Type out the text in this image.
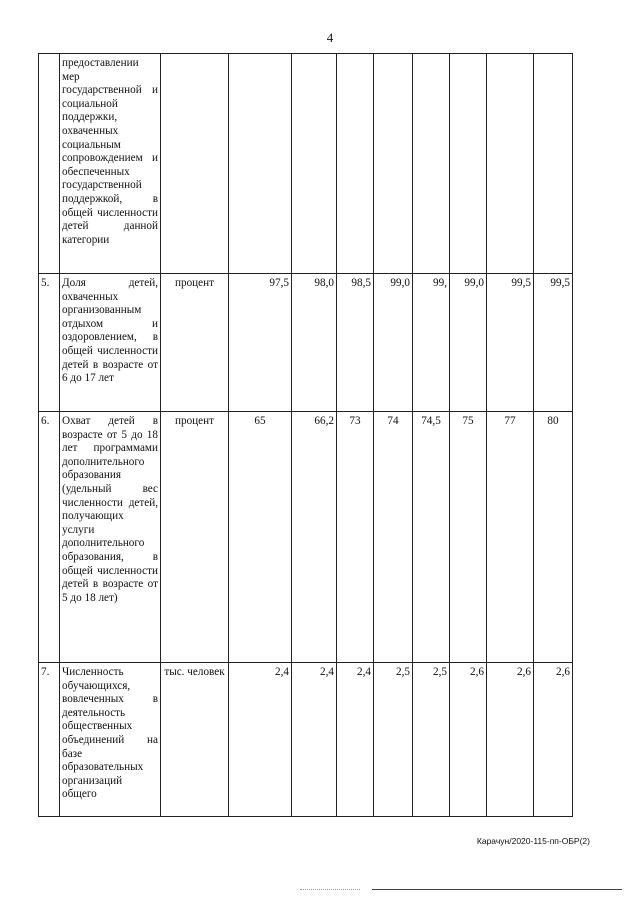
4
	предоставлении мер государственной и социальной поддержки, охваченных социальным сопровождением и обеспеченных государственной поддержкой, в общей численности детей данной категории									
5.	Доля детей, охваченных организованным отдыхом и оздоровлением, в общей численности детей в возрасте от 6 до 17 лет	процент	97,5	98,0	98,5	99,0	99,	99,0	99,5	99,5
6.	Охват детей в возрасте от 5 до 18 лет программами дополнительного образования (удельный вес численности детей, получающих услуги дополнительного образования, в общей численности детей в возрасте от 5 до 18 лет)	процент	65	66,2	73	74	74,5	75	77	80
7.	Численность обучающихся, вовлеченных в деятельность общественных объединений на базе образовательных организаций общего	тыс. человек	2,4	2,4	2,4	2,5	2,5	2,6	2,6	2,6
Карачун/2020-115-пп-ОБР(2)
